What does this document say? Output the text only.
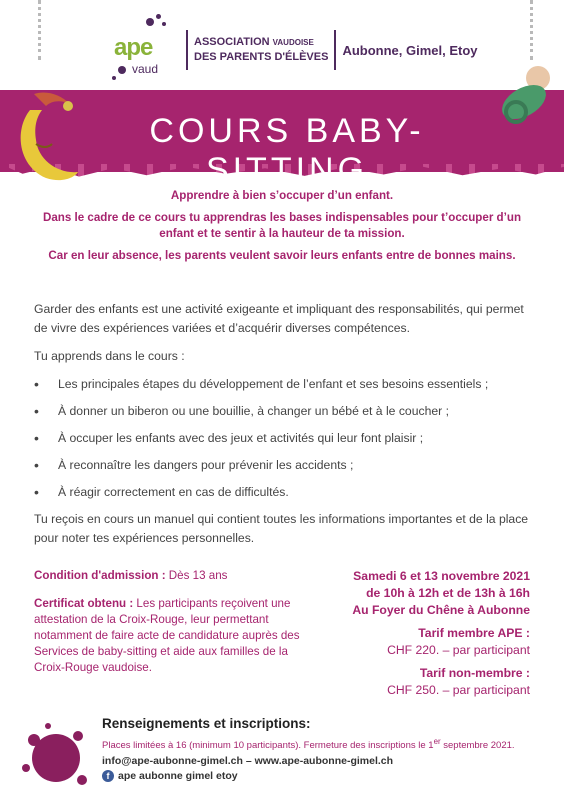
ape
vaud
ASSOCIATION VAUDOISE
DES PARENTS D'ÉLÈVES Aubonne, Gimel, Etoy
COURS BABY-SITTING

Apprendre à bien s’occuper d’un enfant.

Dans le cadre de ce cours tu apprendras les bases indispensables pour t’occuper d’un enfant et te sentir à la hauteur de ta mission.

Car en leur absence, les parents veulent savoir leurs enfants entre de bonnes mains.

Garder des enfants est une activité exigeante et impliquant des responsabilités, qui permet de vivre des expériences variées et d’acquérir diverses compétences.

Tu apprends dans le cours :

• Les principales étapes du développement de l’enfant et ses besoins essentiels ;
• À donner un biberon ou une bouillie, à changer un bébé et à le coucher ;
• À occuper les enfants avec des jeux et activités qui leur font plaisir ;
• À reconnaître les dangers pour prévenir les accidents ;
• À réagir correctement en cas de difficultés.

Tu reçois en cours un manuel qui contient toutes les informations importantes et de la place pour noter tes expériences personnelles.

Condition d'admission : Dès 13 ans
Certificat obtenu : Les participants reçoivent une attestation de la Croix-Rouge, leur permettant notamment de faire acte de candidature auprès des Services de baby-sitting et aide aux familles de la Croix-Rouge vaudoise.
Samedi 6 et 13 novembre 2021
de 10h à 12h et de 13h à 16h
Au Foyer du Chêne à Aubonne
Tarif membre APE :
CHF 220. – par participant
Tarif non-membre :
CHF 250. – par participant
Renseignements et inscriptions:
Places limitées à 16 (minimum 10 participants). Fermeture des inscriptions le 1er septembre 2021.
info@ape-aubonne-gimel.ch – www.ape-aubonne-gimel.ch
f ape aubonne gimel etoy
